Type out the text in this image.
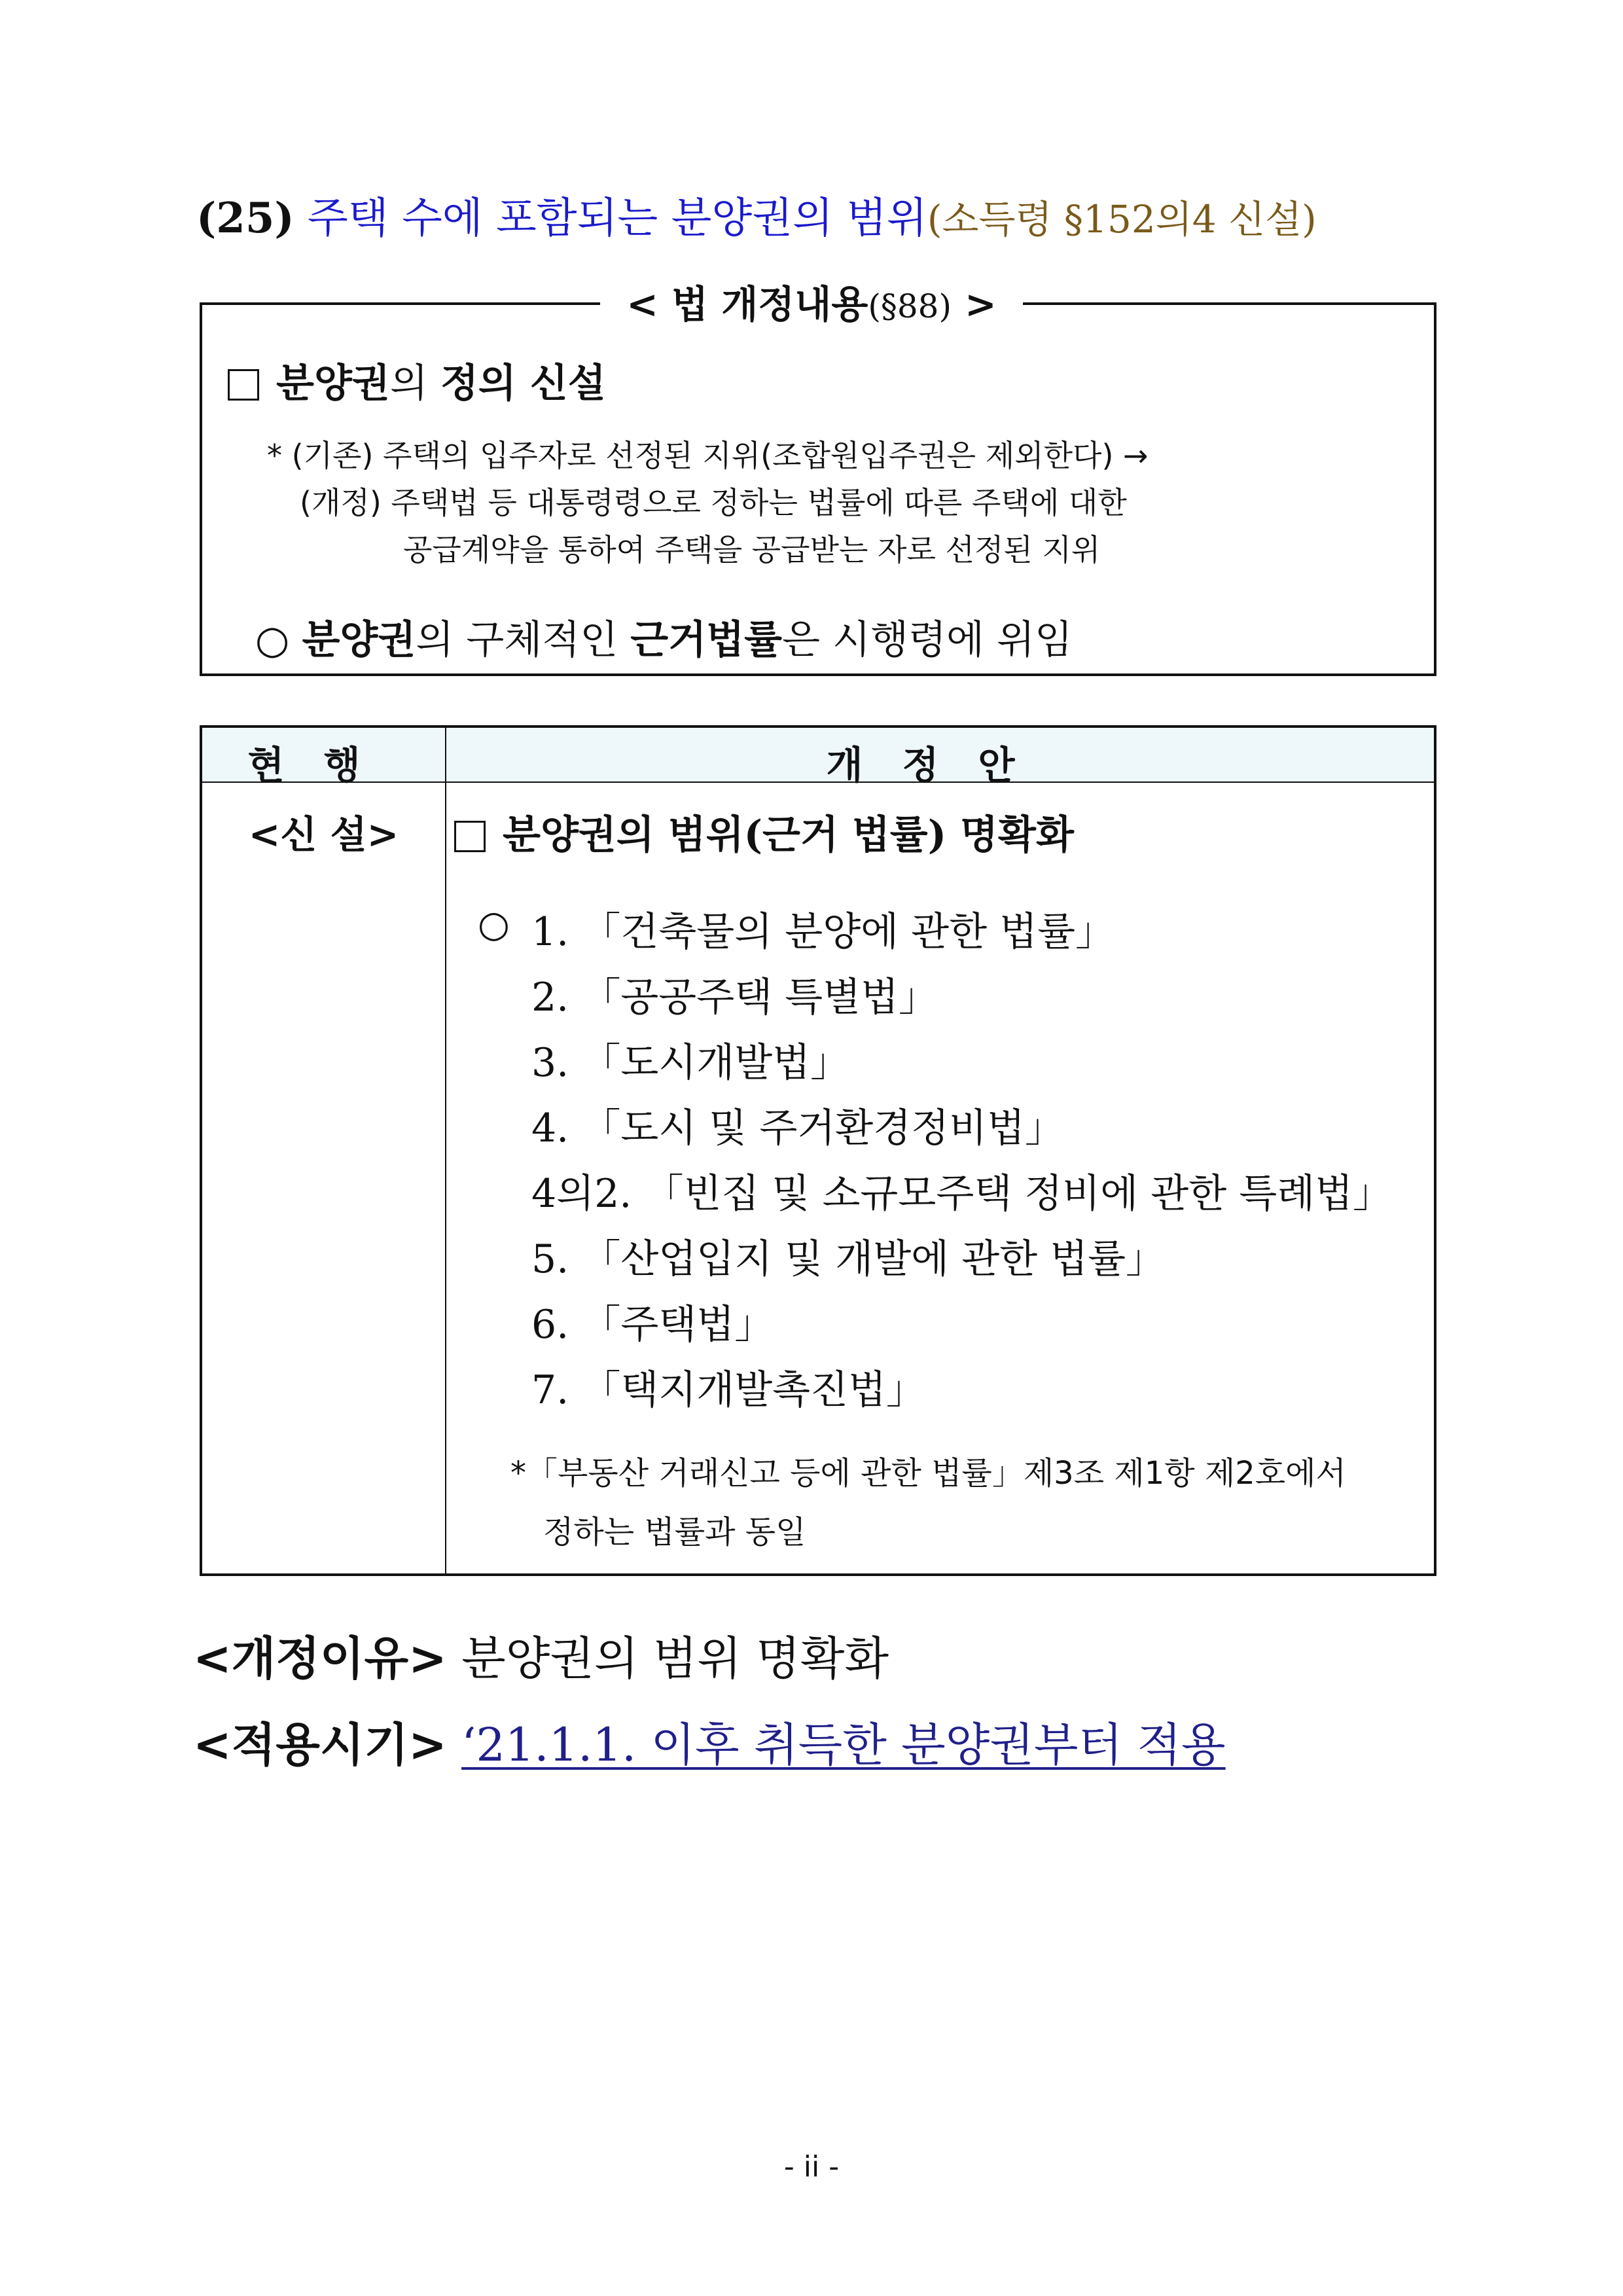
(25) 주택 수에 포함되는 분양권의 범위(소득령 §152의4 신설)
< 법 개정내용(§88) >
분양권의 정의 신설
* (기존) 주택의 입주자로 선정된 지위(조합원입주권은 제외한다) →
(개정) 주택법 등 대통령령으로 정하는 법률에 따른 주택에 대한
공급계약을 통하여 주택을 공급받는 자로 선정된 지위
○ 분양권의 구체적인 근거법률은 시행령에 위임
현행	개정안
<신 설>	분양권의 범위(근거 법률) 명확화
○ 1. 「건축물의 분양에 관한 법률」
2. 「공공주택 특별법」
3. 「도시개발법」
4. 「도시 및 주거환경정비법」
4의2. 「빈집 및 소규모주택 정비에 관한 특례법」
5. 「산업입지 및 개발에 관한 법률」
6. 「주택법」
7. 「택지개발촉진법」
*「부동산 거래신고 등에 관한 법률」제3조 제1항 제2호에서
정하는 법률과 동일
<개정이유> 분양권의 범위 명확화
<적용시기> ‘21.1.1. 이후 취득한 분양권부터 적용
- ii -
